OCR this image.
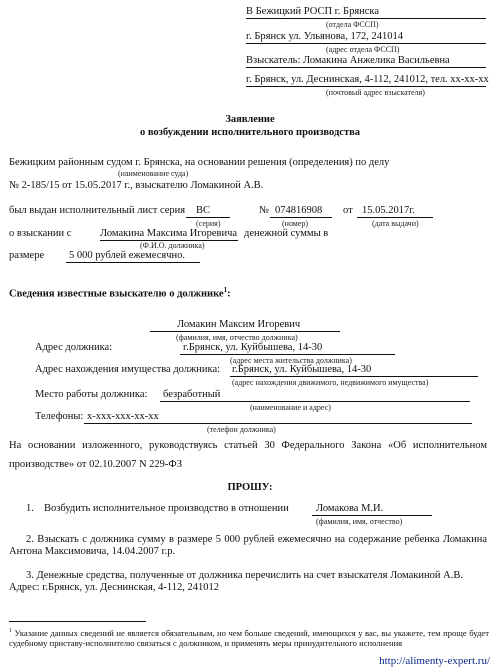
В Бежицкий РОСП г. Брянска
(отдела ФССП)
г. Брянск ул. Ульянова, 172, 241014
(адрес отдела ФССП)
Взыскатель: Ломакина Анжелика Васильевна
г. Брянск, ул. Деснинская, 4-112, 241012, тел. хх-хх-хх
(почтовый адрес взыскателя)
Заявление
о возбуждении исполнительного производства
Бежицким районным судом г. Брянска, на основании решения (определения) по делу
(наименование суда)
№ 2-185/15 от 15.05.2017 г., взыскателю Ломакиной А.В.
был выдан исполнительный лист серия ВС	№ 074816908 от 15.05.2017г.
(серия)	(номер)	(дата выдачи)
о взыскании с	Ломакина Максима Игоревича денежной суммы в
(Ф.И.О. должника)
размере 5 000 рублей ежемесячно.
Сведения известные взыскателю о должнике$^1$:
Ломакин Максим Игоревич
(фамилия, имя, отчество должника)
Адрес должника:	г.Брянск, ул. Куйбышева, 14-30
(адрес места жительства должника)
Адрес нахождения имущества должника: г.Брянск, ул. Куйбышева, 14-30
(адрес нахождения движимого, недвижимого имущества)
Место работы должника: безработный
(наименование и адрес)
Телефоны: х-ххх-ххх-хх-хх
(телефон должника)
На основании изложенного, руководствуясь статьей 30 Федерального Закона «Об исполнительном
производстве» от 02.10.2007 N 229-ФЗ
ПРОШУ:
1. Возбудить исполнительное производство в отношении	Ломакова М.И.
(фамилия, имя, отчество)
2. Взыскать с должника сумму в размере 5 000 рублей ежемесячно на содержание ребенка Ломакина
Антона Максимовича, 14.04.2007 г.р.
3. Денежные средства, полученные от должника перечислить на счет взыскателя Ломакиной А.В.
Адрес: г.Брянск, ул. Деснинская, 4-112, 241012
$^1$ Указание данных сведений не является обязательным, но чем больше сведений, имеющихся у вас, вы укажете, тем проще будет судебному приставу-исполнителю связаться с должником, и применять меры принудительного исполнения
http://alimenty-expert.ru/
